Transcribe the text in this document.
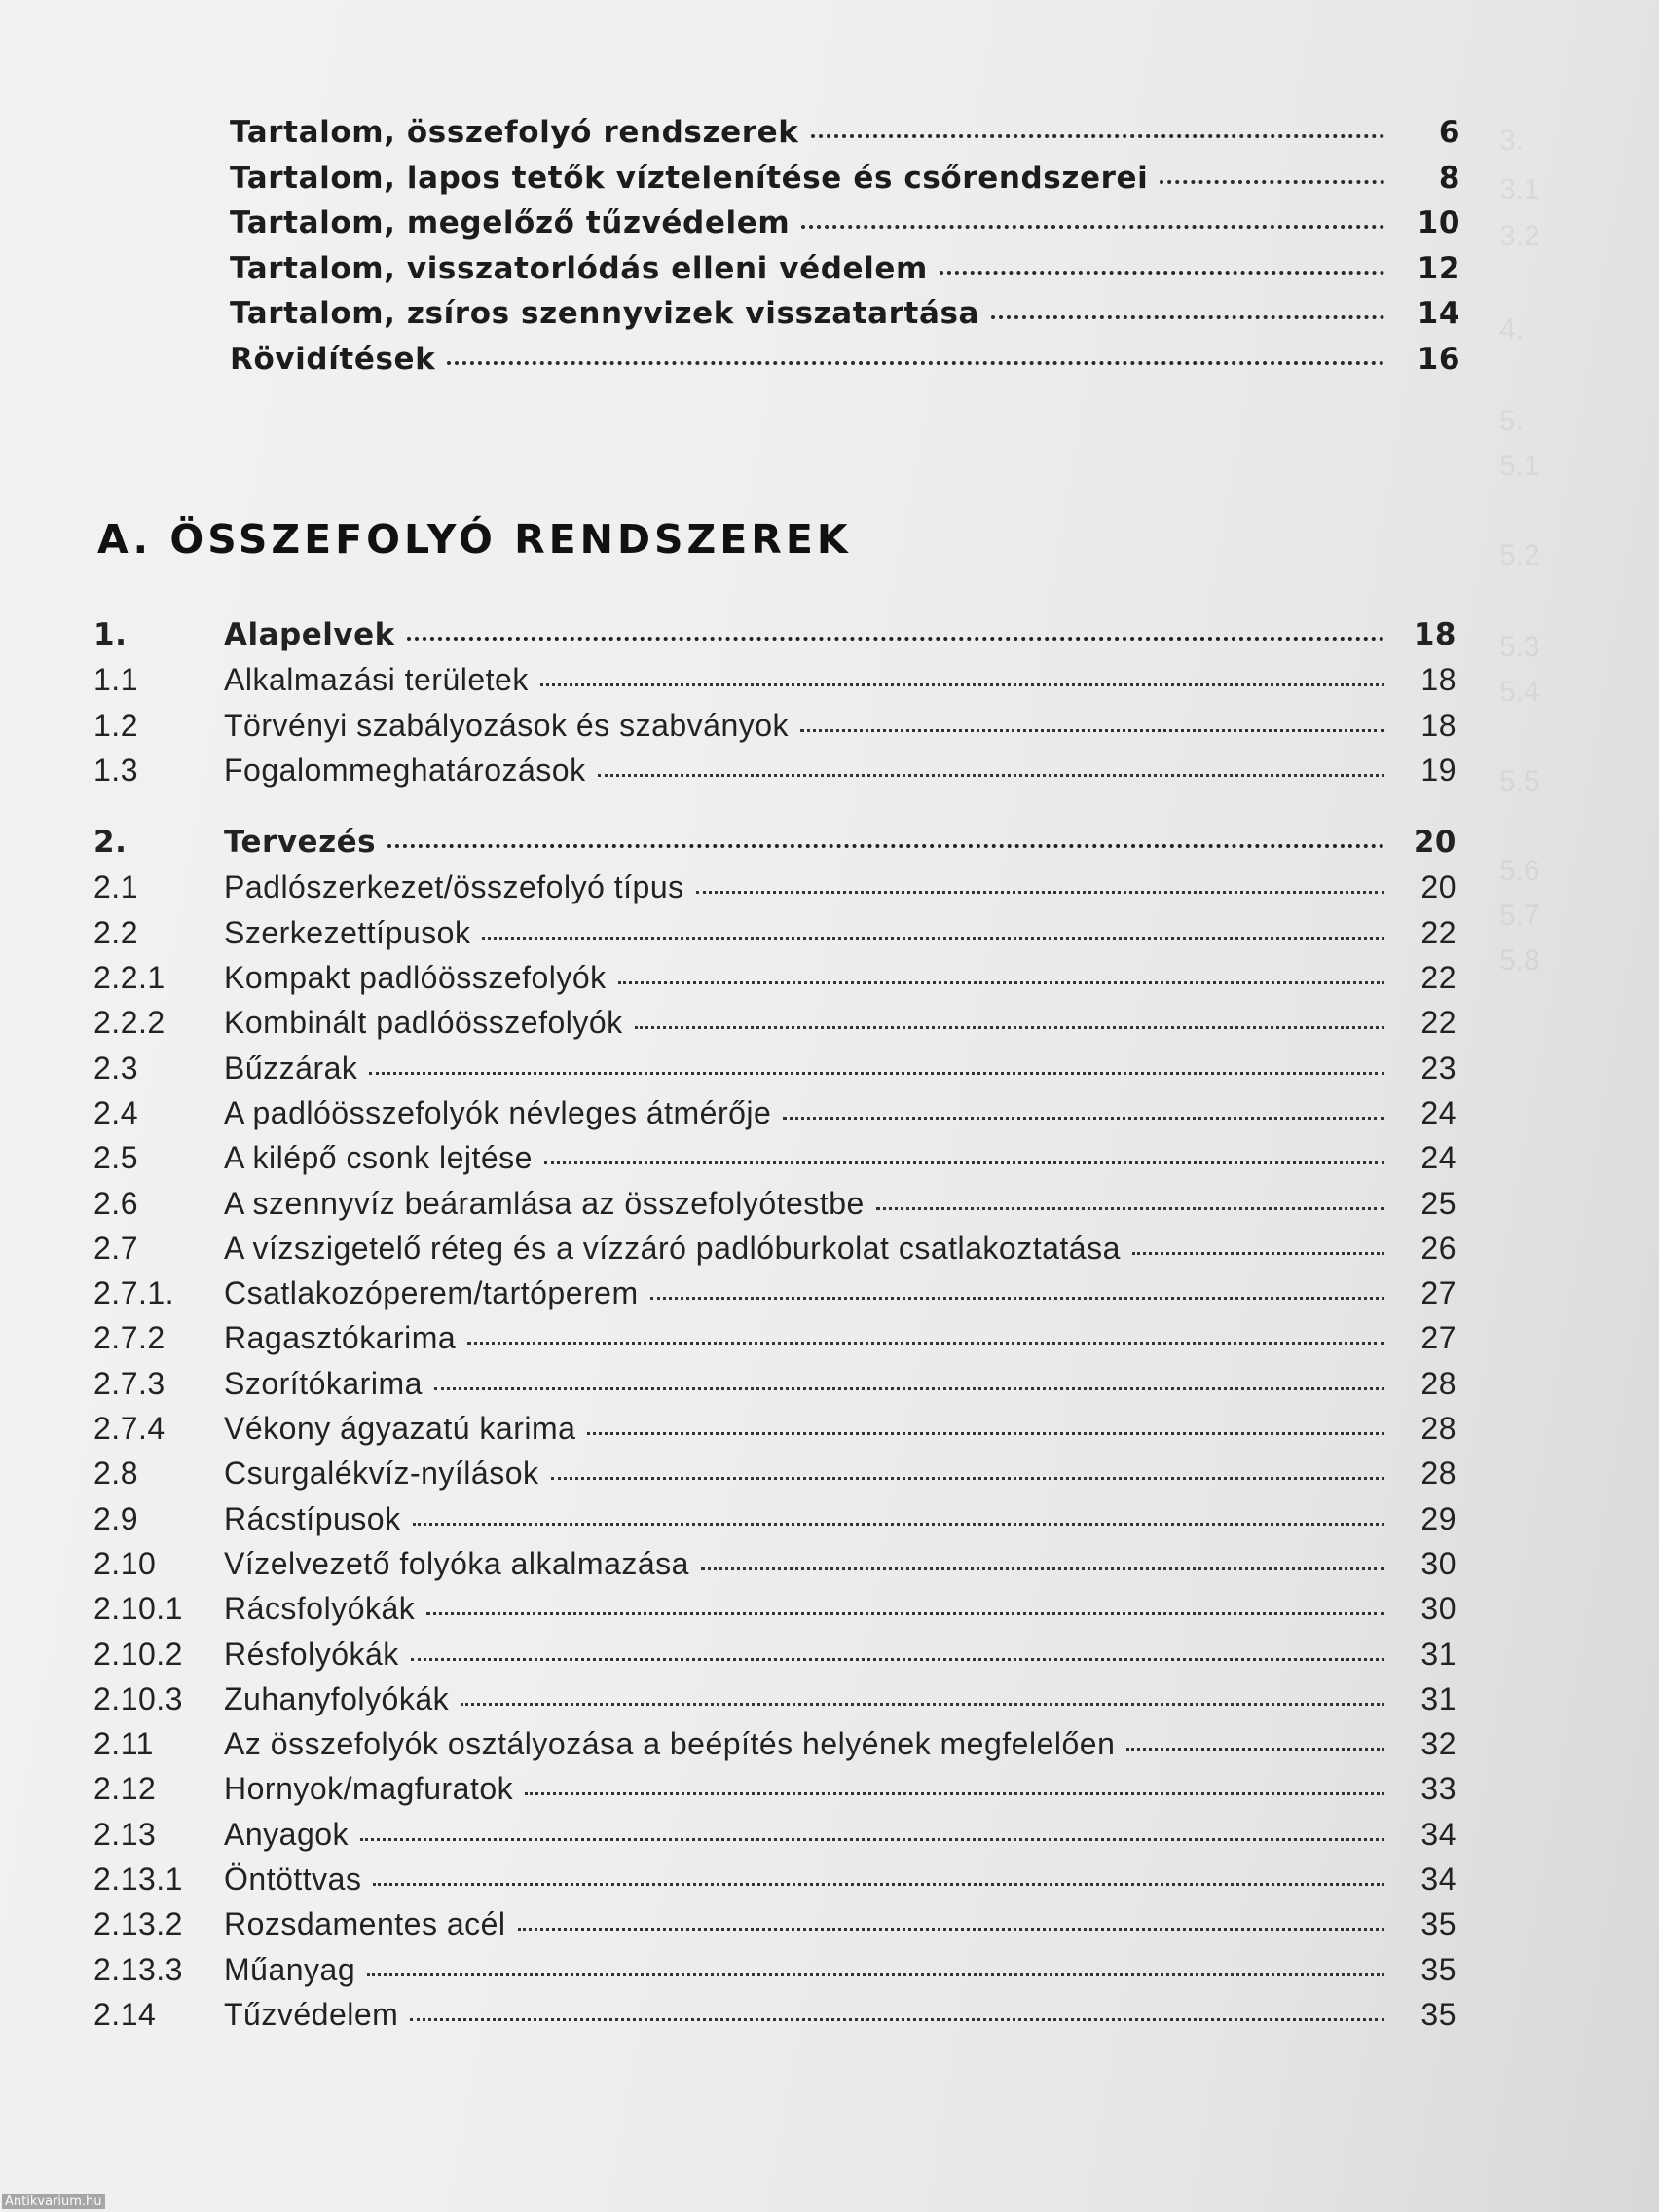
3.
3.1
3.2
4.
5.
5.1
5.2
5.3
5.4
5.5
5.6
5.7
5.8
Tartalom, összefolyó rendszerek	6
Tartalom, lapos tetők víztelenítése és csőrendszerei	8
Tartalom, megelőző tűzvédelem	10
Tartalom, visszatorlódás elleni védelem	12
Tartalom, zsíros szennyvizek visszatartása	14
Rövidítések	16
A. ÖSSZEFOLYÓ RENDSZEREK
1.	Alapelvek	18
1.1	Alkalmazási területek	18
1.2	Törvényi szabályozások és szabványok	18
1.3	Fogalommeghatározások	19
2.	Tervezés	20
2.1	Padlószerkezet/összefolyó típus	20
2.2	Szerkezettípusok	22
2.2.1	Kompakt padlóösszefolyók	22
2.2.2	Kombinált padlóösszefolyók	22
2.3	Bűzzárak	23
2.4	A padlóösszefolyók névleges átmérője	24
2.5	A kilépő csonk lejtése	24
2.6	A szennyvíz beáramlása az összefolyótestbe	25
2.7	A vízszigetelő réteg és a vízzáró padlóburkolat csatlakoztatása	26
2.7.1.	Csatlakozóperem/tartóperem	27
2.7.2	Ragasztókarima	27
2.7.3	Szorítókarima	28
2.7.4	Vékony ágyazatú karima	28
2.8	Csurgalékvíz-nyílások	28
2.9	Rácstípusok	29
2.10	Vízelvezető folyóka alkalmazása	30
2.10.1	Rácsfolyókák	30
2.10.2	Résfolyókák	31
2.10.3	Zuhanyfolyókák	31
2.11	Az összefolyók osztályozása a beépítés helyének megfelelően	32
2.12	Hornyok/magfuratok	33
2.13	Anyagok	34
2.13.1	Öntöttvas	34
2.13.2	Rozsdamentes acél	35
2.13.3	Műanyag	35
2.14	Tűzvédelem	35
Antikvarium.hu
